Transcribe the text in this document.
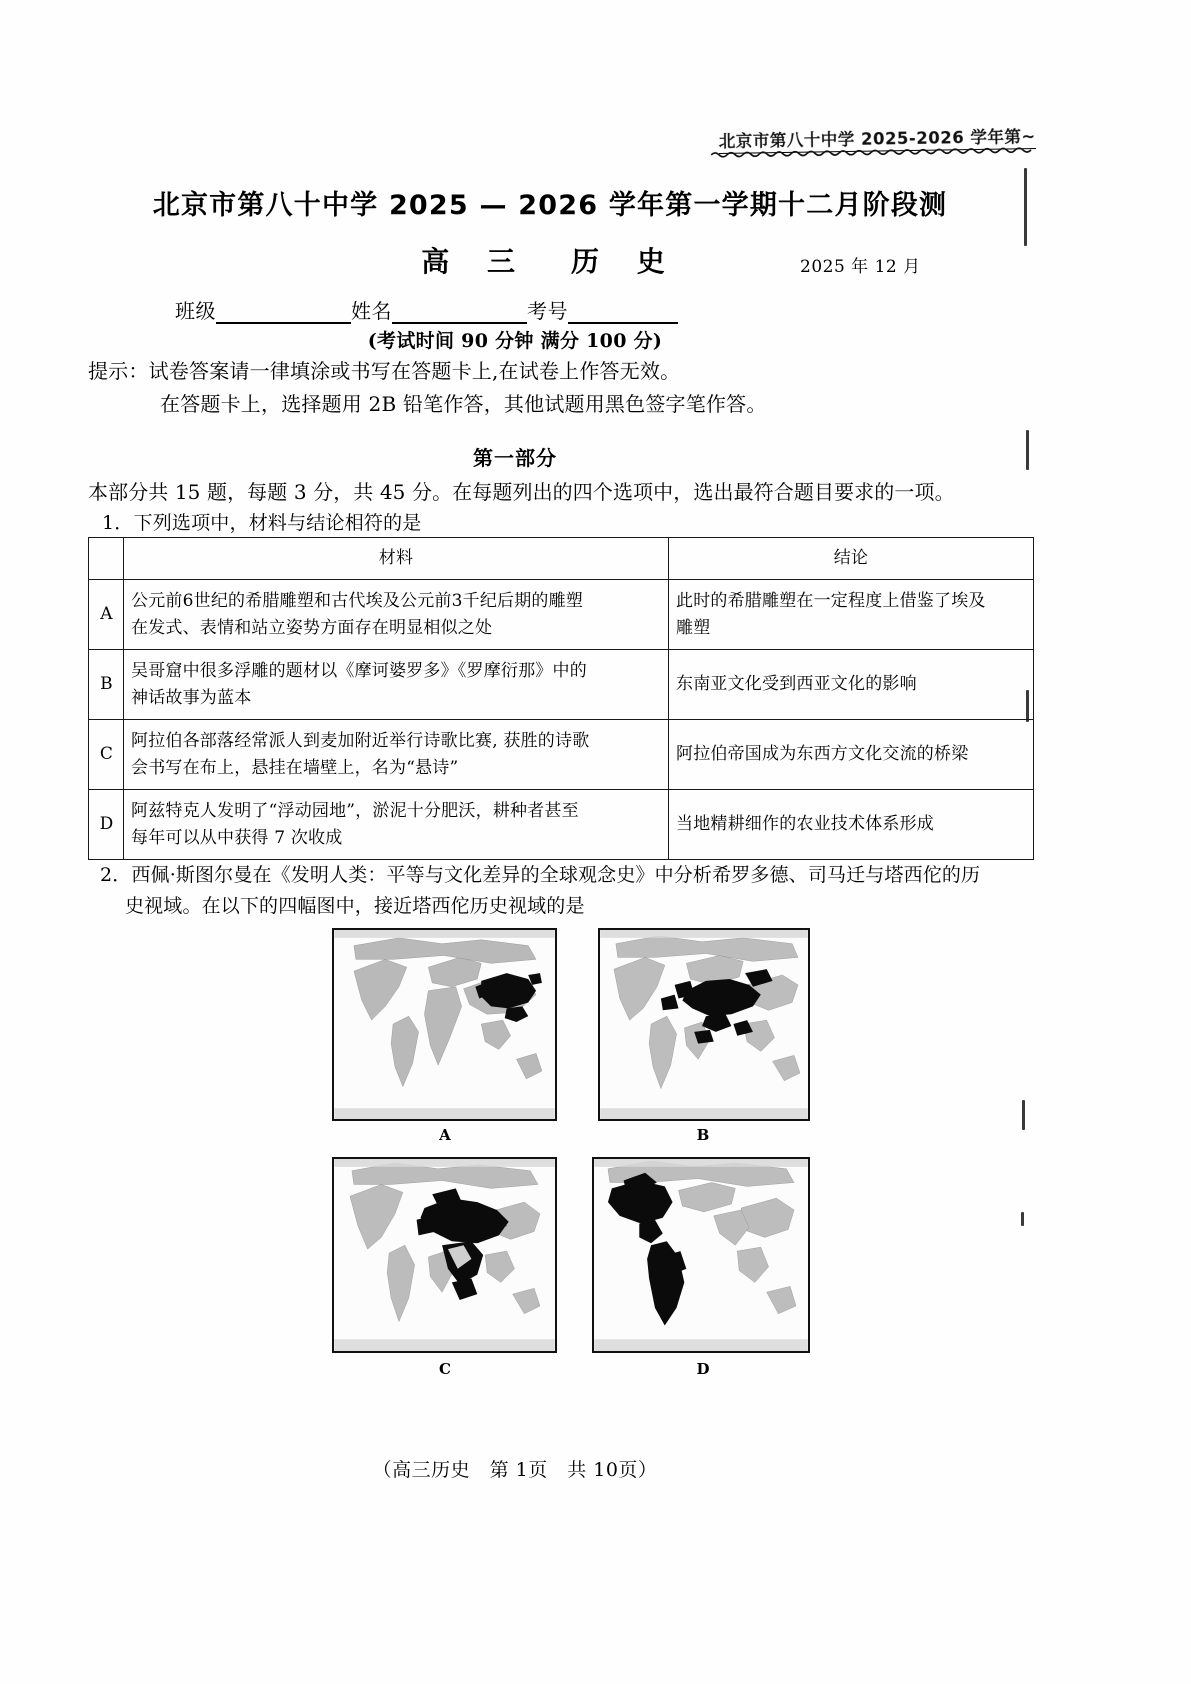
北京市第八十中学 2025-2026 学年第~
北京市第八十中学 2025 — 2026 学年第一学期十二月阶段测
高 三　历 史	2025 年 12 月
班级	姓名	考号
(考试时间 90 分钟 满分 100 分)
提示：试卷答案请一律填涂或书写在答题卡上,在试卷上作答无效。
在答题卡上，选择题用 2B 铅笔作答，其他试题用黑色签字笔作答。
第一部分
本部分共 15 题，每题 3 分，共 45 分。在每题列出的四个选项中，选出最符合题目要求的一项。
1．下列选项中，材料与结论相符的是
	材料	结论
A	公元前6世纪的希腊雕塑和古代埃及公元前3千纪后期的雕塑
在发式、表情和站立姿势方面存在明显相似之处	此时的希腊雕塑在一定程度上借鉴了埃及
雕塑

B	吴哥窟中很多浮雕的题材以《摩诃婆罗多》《罗摩衍那》中的
神话故事为蓝本	东南亚文化受到西亚文化的影响

C	阿拉伯各部落经常派人到麦加附近举行诗歌比赛, 获胜的诗歌
会书写在布上，悬挂在墙壁上，名为“悬诗”	阿拉伯帝国成为东西方文化交流的桥梁

D	阿兹特克人发明了“浮动园地”，淤泥十分肥沃，耕种者甚至
每年可以从中获得 7 次收成	当地精耕细作的农业技术体系形成
2．西佩·斯图尔曼在《发明人类：平等与文化差异的全球观念史》中分析希罗多德、司马迁与塔西佗的历
史视域。在以下的四幅图中，接近塔西佗历史视域的是
A	B
C	D
（高三历史　第 1页　共 10页）
